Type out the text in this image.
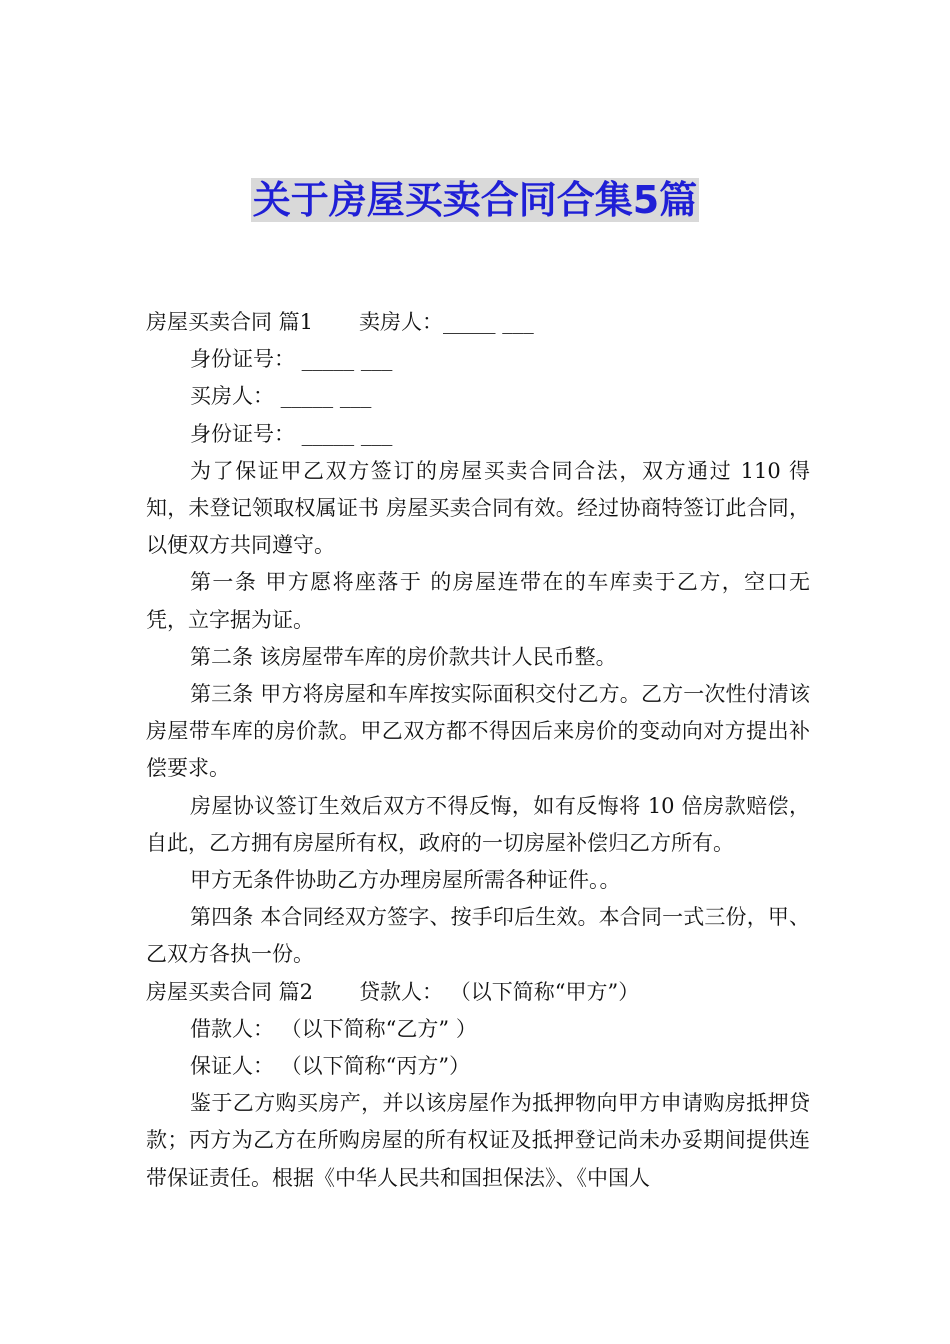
关于房屋买卖合同合集5篇

房屋买卖合同 篇1 卖房人：_____ ___

身份证号： _____ ___

买房人： _____ ___

身份证号： _____ ___

为了保证甲乙双方签订的房屋买卖合同合法，双方通过 110 得知，未登记领取权属证书 房屋买卖合同有效。经过协商特签订此合同，以便双方共同遵守。

第一条 甲方愿将座落于 的房屋连带在的车库卖于乙方，空口无凭，立字据为证。

第二条 该房屋带车库的房价款共计人民币整。

第三条 甲方将房屋和车库按实际面积交付乙方。乙方一次性付清该房屋带车库的房价款。甲乙双方都不得因后来房价的变动向对方提出补偿要求。

房屋协议签订生效后双方不得反悔，如有反悔将 10 倍房款赔偿，自此，乙方拥有房屋所有权，政府的一切房屋补偿归乙方所有。

甲方无条件协助乙方办理房屋所需各种证件。。

第四条 本合同经双方签字、按手印后生效。本合同一式三份，甲、乙双方各执一份。

房屋买卖合同 篇2 贷款人： （以下简称“甲方”）

借款人： （以下简称“乙方” ）

保证人： （以下简称“丙方”）

鉴于乙方购买房产，并以该房屋作为抵押物向甲方申请购房抵押贷款；丙方为乙方在所购房屋的所有权证及抵押登记尚未办妥期间提供连带保证责任。根据《中华人民共和国担保法》、《中国人
